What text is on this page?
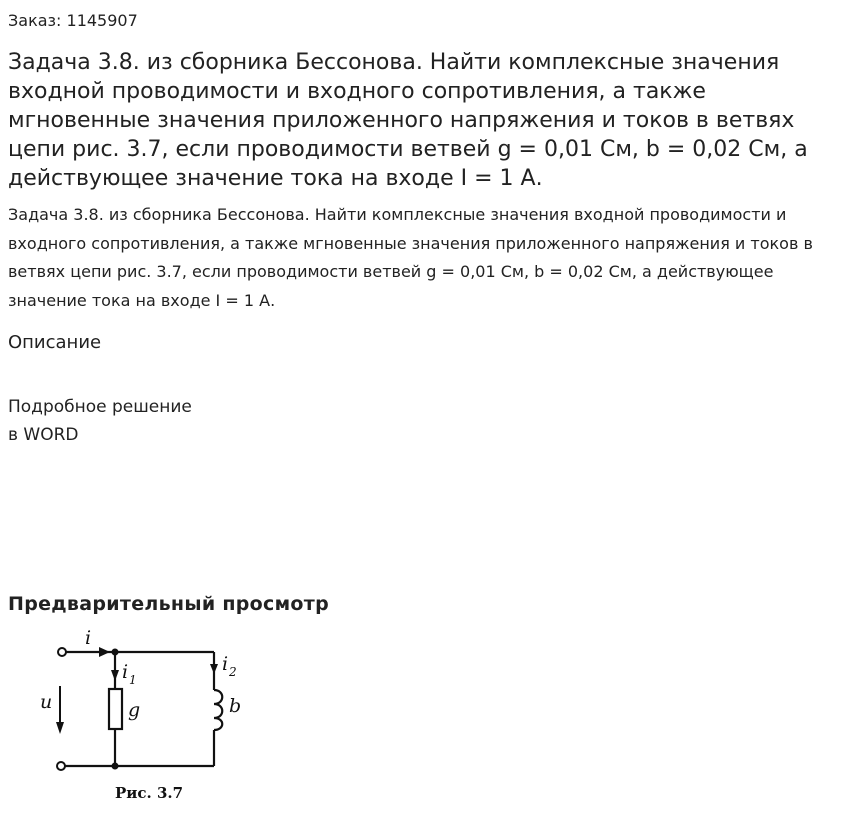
Заказ: 1145907
Задача 3.8. из сборника Бессонова. Найти комплексные значения входной проводимости и входного сопротивления, а также мгновенные значения приложенного напряжения и токов в ветвях цепи рис. 3.7, если проводимости ветвей g = 0,01 См, b = 0,02 См, а действующее значение тока на входе I = 1 А.

Задача 3.8. из сборника Бессонова. Найти комплексные значения входной проводимости и входного сопротивления, а также мгновенные значения приложенного напряжения и токов в ветвях цепи рис. 3.7, если проводимости ветвей g = 0,01 См, b = 0,02 См, а действующее значение тока на входе I = 1 А.

Описание
Подробное решение
в WORD
Предварительный просмотр
i
i 1
i 2
u	g	b
Рис. 3.7
